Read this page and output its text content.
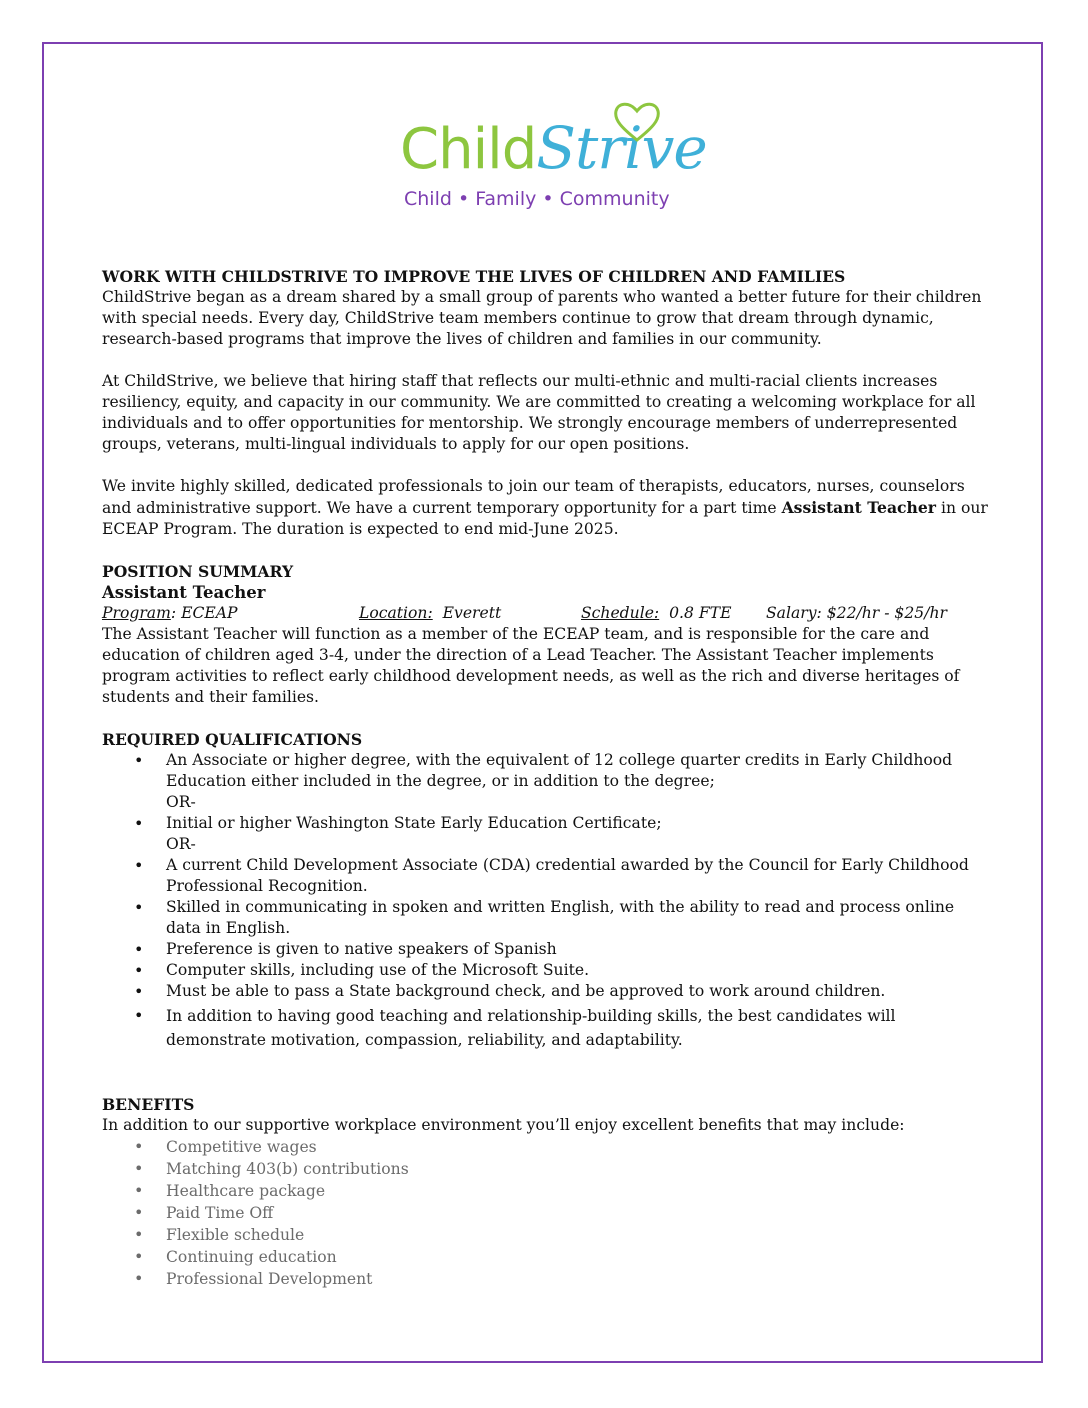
ChildStrive
Child • Family • Community

WORK WITH CHILDSTRIVE TO IMPROVE THE LIVES OF CHILDREN AND FAMILIES

ChildStrive began as a dream shared by a small group of parents who wanted a better future for their children with special needs. Every day, ChildStrive team members continue to grow that dream through dynamic, research-based programs that improve the lives of children and families in our community.

At ChildStrive, we believe that hiring staff that reflects our multi-ethnic and multi-racial clients increases resiliency, equity, and capacity in our community. We are committed to creating a welcoming workplace for all individuals and to offer opportunities for mentorship. We strongly encourage members of underrepresented groups, veterans, multi-lingual individuals to apply for our open positions.

We invite highly skilled, dedicated professionals to join our team of therapists, educators, nurses, counselors and administrative support. We have a current temporary opportunity for a part time Assistant Teacher in our ECEAP Program. The duration is expected to end mid-June 2025.

POSITION SUMMARY

Assistant Teacher

Program: ECEAP	Location:  Everett	Schedule:  0.8 FTE Salary: $22/hr - $25/hr

The Assistant Teacher will function as a member of the ECEAP team, and is responsible for the care and education of children aged 3-4, under the direction of a Lead Teacher. The Assistant Teacher implements program activities to reflect early childhood development needs, as well as the rich and diverse heritages of students and their families.

REQUIRED QUALIFICATIONS

• An Associate or higher degree, with the equivalent of 12 college quarter credits in Early Childhood Education either included in the degree, or in addition to the degree;
OR-
• Initial or higher Washington State Early Education Certificate;
OR-
• A current Child Development Associate (CDA) credential awarded by the Council for Early Childhood Professional Recognition.
• Skilled in communicating in spoken and written English, with the ability to read and process online data in English.
• Preference is given to native speakers of Spanish
• Computer skills, including use of the Microsoft Suite.
• Must be able to pass a State background check, and be approved to work around children.
• In addition to having good teaching and relationship-building skills, the best candidates will demonstrate motivation, compassion, reliability, and adaptability.

BENEFITS

In addition to our supportive workplace environment you’ll enjoy excellent benefits that may include:

• Competitive wages
• Matching 403(b) contributions
• Healthcare package
• Paid Time Off
• Flexible schedule
• Continuing education
• Professional Development
